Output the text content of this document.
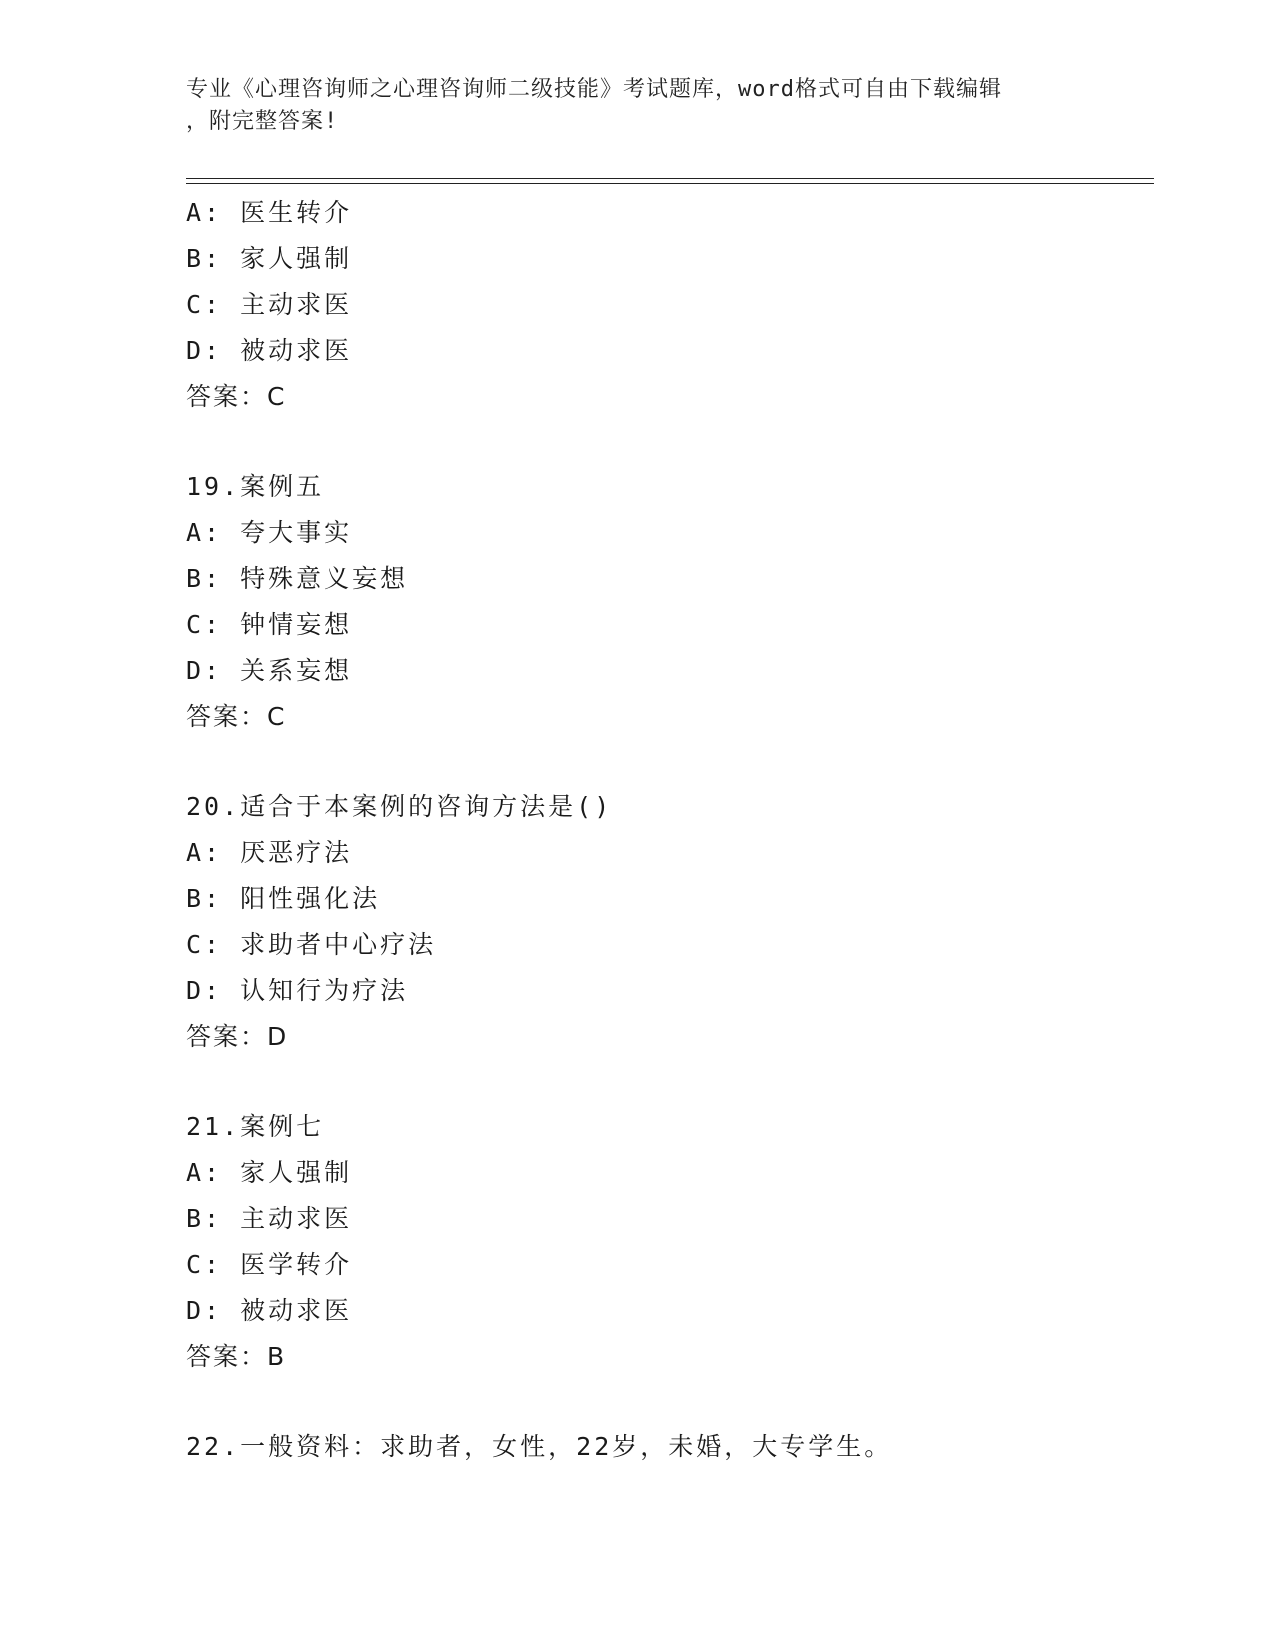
专业《心理咨询师之心理咨询师二级技能》考试题库，word格式可自由下载编辑
，附完整答案!
A: 医生转介
B: 家人强制
C: 主动求医
D: 被动求医
答案：C
19.案例五
A: 夸大事实
B: 特殊意义妄想
C: 钟情妄想
D: 关系妄想
答案：C
20.适合于本案例的咨询方法是()
A: 厌恶疗法
B: 阳性强化法
C: 求助者中心疗法
D: 认知行为疗法
答案：D
21.案例七
A: 家人强制
B: 主动求医
C: 医学转介
D: 被动求医
答案：B
22.一般资料：求助者，女性，22岁，未婚，大专学生。
